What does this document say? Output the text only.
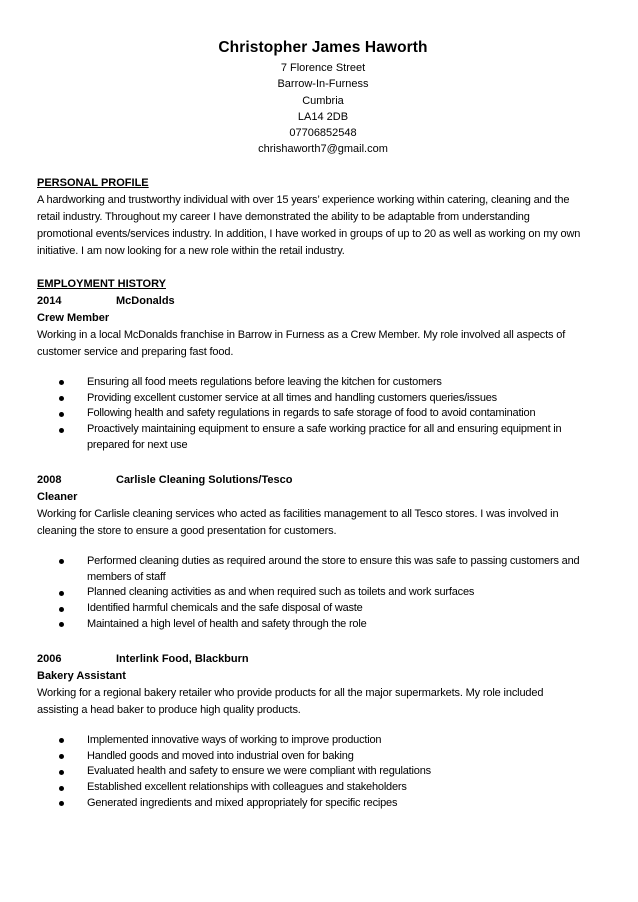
Christopher James Haworth
7 Florence Street
Barrow-In-Furness
Cumbria
LA14 2DB
07706852548
chrishaworth7@gmail.com
PERSONAL PROFILE

A hardworking and trustworthy individual with over 15 years’ experience working within catering, cleaning and the

retail industry. Throughout my career I have demonstrated the ability to be adaptable from understanding

promotional events/services industry. In addition, I have worked in groups of up to 20 as well as working on my own

initiative. I am now looking for a new role within the retail industry.

EMPLOYMENT HISTORY
2014	McDonalds
Crew Member

Working in a local McDonalds franchise in Barrow in Furness as a Crew Member. My role involved all aspects of

customer service and preparing fast food.

Ensuring all food meets regulations before leaving the kitchen for customers
Providing excellent customer service at all times and handling customers queries/issues
Following health and safety regulations in regards to safe storage of food to avoid contamination
Proactively maintaining equipment to ensure a safe working practice for all and ensuring equipment in
prepared for next use
2008	Carlisle Cleaning Solutions/Tesco
Cleaner

Working for Carlisle cleaning services who acted as facilities management to all Tesco stores. I was involved in

cleaning the store to ensure a good presentation for customers.

Performed cleaning duties as required around the store to ensure this was safe to passing customers and
members of staff
Planned cleaning activities as and when required such as toilets and work surfaces
Identified harmful chemicals and the safe disposal of waste
Maintained a high level of health and safety through the role
2006	Interlink Food, Blackburn
Bakery Assistant

Working for a regional bakery retailer who provide products for all the major supermarkets. My role included

assisting a head baker to produce high quality products.

Implemented innovative ways of working to improve production
Handled goods and moved into industrial oven for baking
Evaluated health and safety to ensure we were compliant with regulations
Established excellent relationships with colleagues and stakeholders
Generated ingredients and mixed appropriately for specific recipes
